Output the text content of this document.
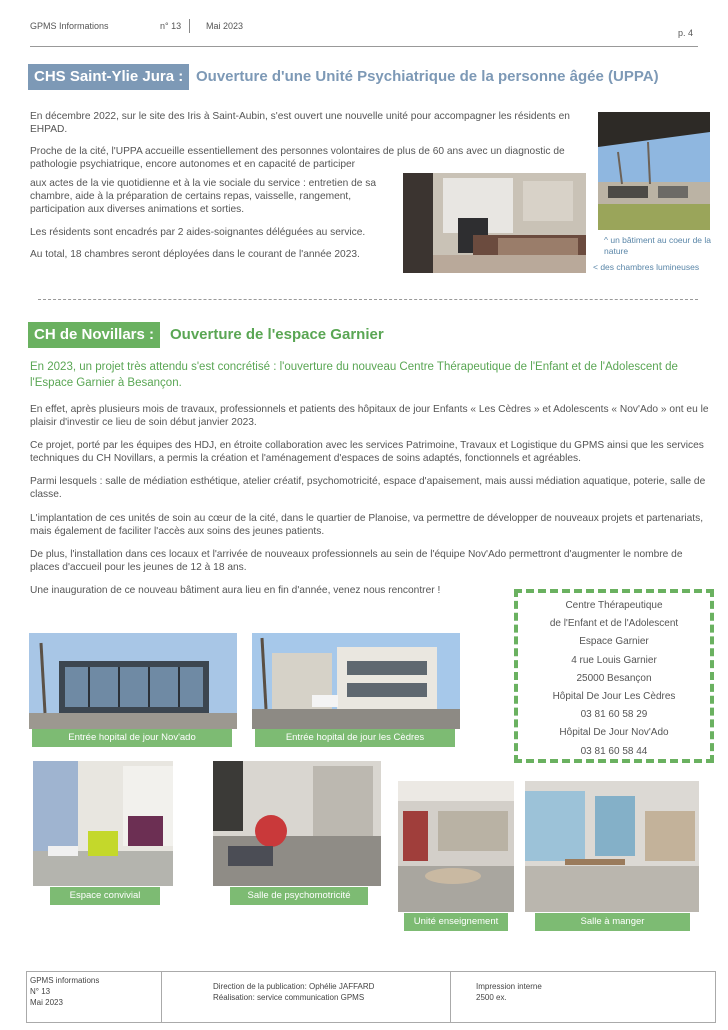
GPMS Informations	n° 13	Mai 2023
p. 4
CHS Saint-Ylie Jura : Ouverture d'une Unité Psychiatrique de la personne âgée (UPPA)

En décembre 2022, sur le site des Iris à Saint-Aubin, s'est ouvert une nouvelle unité pour accompagner les résidents en EHPAD.

Proche de la cité, l'UPPA accueille essentiellement des personnes volontaires de plus de 60 ans avec un diagnostic de pathologie psychiatrique, encore autonomes et en capacité de participer

aux actes de la vie quotidienne et à la vie sociale du service : entretien de sa chambre, aide à la préparation de certains repas, vaisselle, rangement, participation aux diverses animations et sorties.

Les résidents sont encadrés par 2 aides-soignantes déléguées au service.

Au total, 18 chambres seront déployées dans le courant de l'année 2023.

^ un bâtiment au coeur de la nature
< des chambres lumineuses
CH de Novillars :	Ouverture de l'espace Garnier

En 2023, un projet très attendu s'est concrétisé : l'ouverture du nouveau Centre Thérapeutique de l'Enfant et de l'Adolescent de l'Espace Garnier à Besançon.

En effet, après plusieurs mois de travaux, professionnels et patients des hôpitaux de jour Enfants « Les Cèdres » et Adolescents « Nov'Ado » ont eu le plaisir d'investir ce lieu de soin début janvier 2023.

Ce projet, porté par les équipes des HDJ, en étroite collaboration avec les services Patrimoine, Travaux et Logistique du GPMS ainsi que les services techniques du CH Novillars, a permis la création et l'aménagement d'espaces de soins adaptés, fonctionnels et agréables.

Parmi lesquels : salle de médiation esthétique, atelier créatif, psychomotricité, espace d'apaisement, mais aussi médiation aquatique, poterie, salle de classe.

L'implantation de ces unités de soin au cœur de la cité, dans le quartier de Planoise, va permettre de développer de nouveaux projets et partenariats, mais également de faciliter l'accès aux soins des jeunes patients.

De plus, l'installation dans ces locaux et l'arrivée de nouveaux professionnels au sein de l'équipe Nov'Ado permettront d'augmenter le nombre de places d'accueil pour les jeunes de 12 à 18 ans.

Une inauguration de ce nouveau bâtiment aura lieu en fin d'année, venez nous rencontrer !

Centre Thérapeutique
de l'Enfant et de l'Adolescent
Espace Garnier
4 rue Louis Garnier
25000 Besançon
Hôpital De Jour Les Cèdres
03 81 60 58 29
Hôpital De Jour Nov'Ado
03 81 60 58 44
Entrée hopital de jour Nov'ado	Entrée hopital de jour les Cèdres
Espace convivial	Salle de psychomotricité
Unité enseignement	Salle à manger
GPMS informations
N° 13
Mai 2023
Direction de la publication: Ophélie JAFFARD
Réalisation: service communication GPMS
Impression interne
2500 ex.
